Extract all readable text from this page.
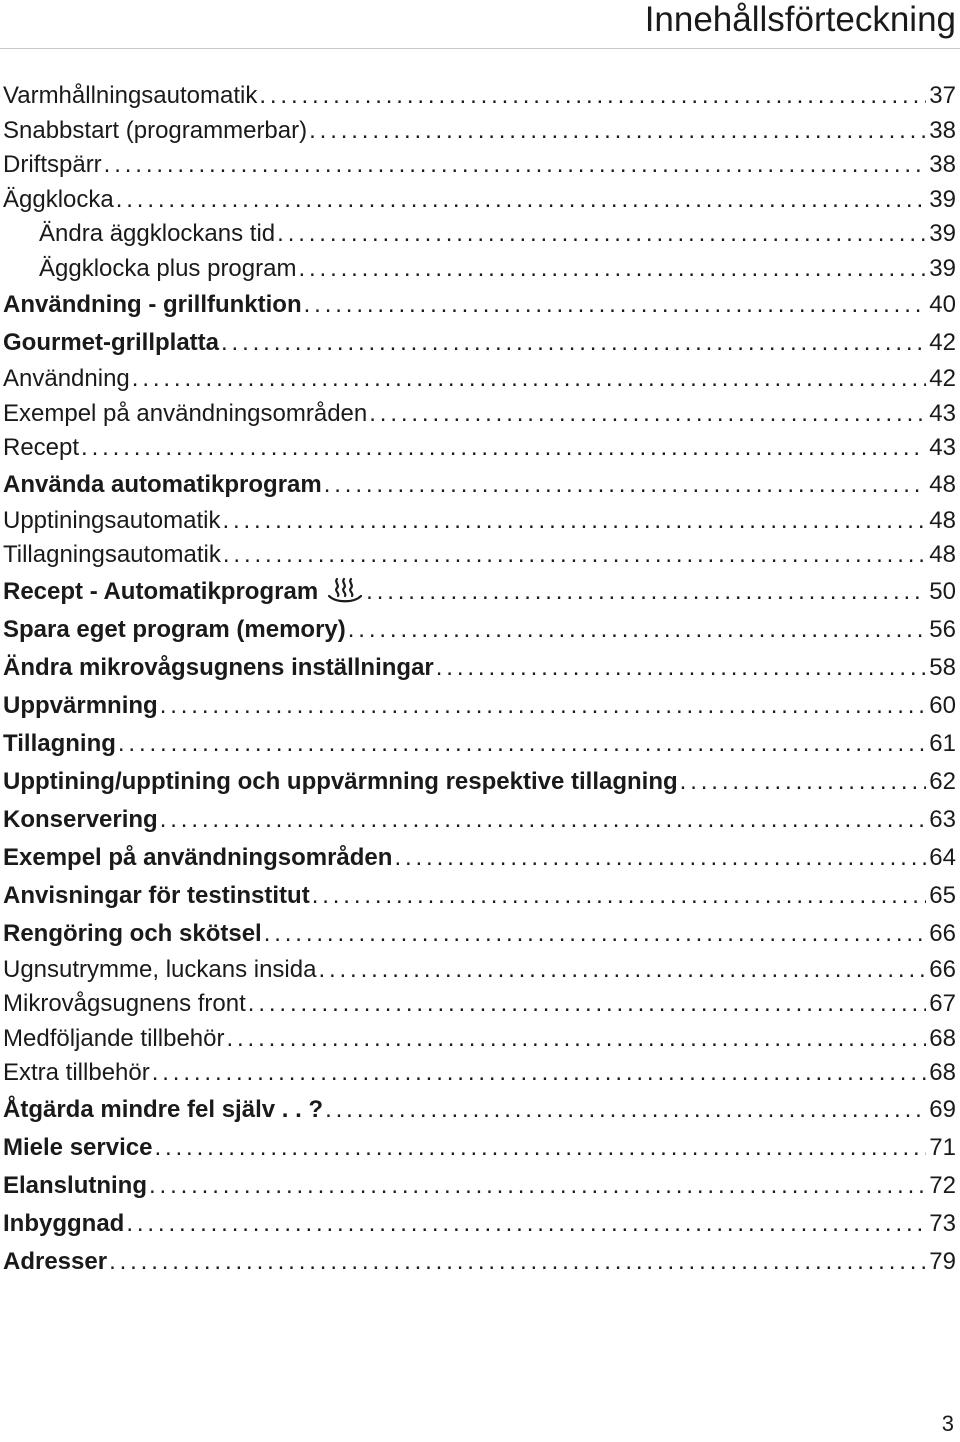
Innehållsförteckning
Varmhållningsautomatik . . .	37
Snabbstart (programmerbar) . . .	38
Driftspärr . . .	38
Äggklocka . . .	39
Ändra äggklockans tid . . .	39
Äggklocka plus program . . .	39
Användning - grillfunktion . . .	40
Gourmet-grillplatta . . .	42
Användning . . .	42
Exempel på användningsområden . . .	43
Recept . . .	43
Använda automatikprogram . . .	48
Upptiningsautomatik . . .	48
Tillagningsautomatik . . .	48
Recept - Automatikprogram . . .	50
Spara eget program (memory) . . .	56
Ändra mikrovågsugnens inställningar . . .	58
Uppvärmning . . .	60
Tillagning . . .	61
Upptining/upptining och uppvärmning respektive tillagning . . .	62
Konservering . . .	63
Exempel på användningsområden . . .	64
Anvisningar för testinstitut . . .	65
Rengöring och skötsel . . .	66
Ugnsutrymme, luckans insida . . .	66
Mikrovågsugnens front . . .	67
Medföljande tillbehör . . .	68
Extra tillbehör . . .	68
Åtgärda mindre fel själv . . ? . . .	69
Miele service . . .	71
Elanslutning . . .	72
Inbyggnad . . .	73
Adresser . . .	79
3
